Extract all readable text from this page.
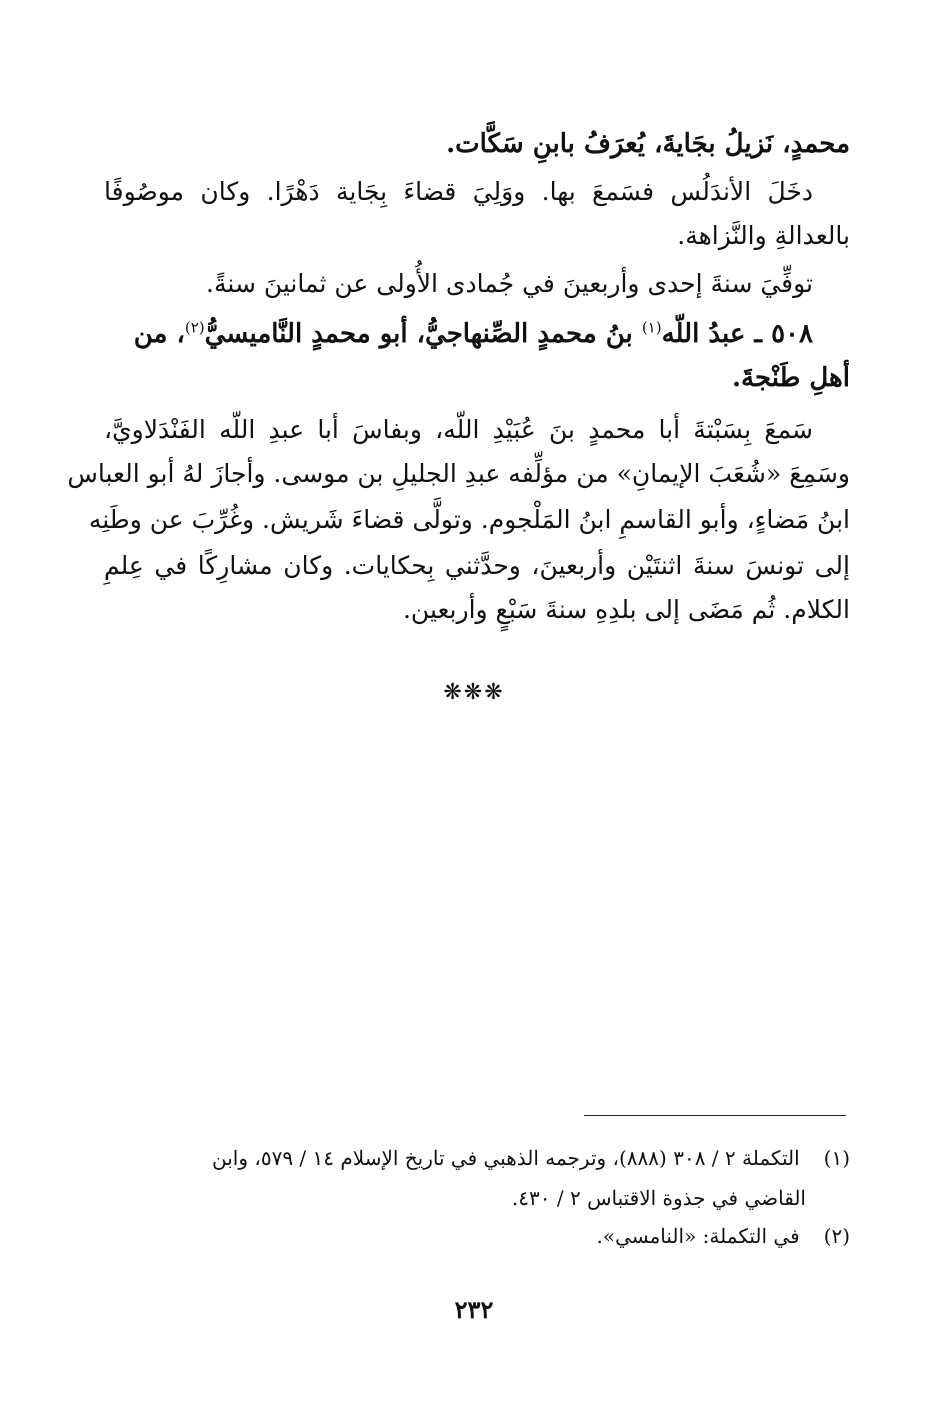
محمدٍ، نَزيلُ بجَايةَ، يُعرَفُ بابنِ سَكَّات.
دخَلَ الأندَلُس فسَمعَ بها. ووَلِيَ قضاءَ بِجَاية دَهْرًا. وكان موصُوفًا
بالعدالةِ والنَّزاهة.
توفِّيَ سنةَ إحدى وأربعينَ في جُمادى الأُولى عن ثمانينَ سنةً.
٥٠٨ ـ عبدُ اللّه$^{(١)}$ بنُ محمدٍ الصِّنهاجيُّ، أبو محمدٍ النَّاميسيُّ$^{(٢)}$، من
أهلِ طَنْجةَ.
سَمعَ بِسَبْتةَ أبا محمدٍ بنَ عُبَيْدِ اللّه، وبفاسَ أبا عبدِ اللّه الفَنْدَلاويَّ،
وسَمِعَ «شُعَبَ الإيمانِ» من مؤلِّفه عبدِ الجليلِ بن موسى. وأجازَ لهُ أبو العباس
ابنُ مَضاءٍ، وأبو القاسمِ ابنُ المَلْجوم. وتولَّى قضاءَ شَريش. وغُرِّبَ عن وطَنِه
إلى تونسَ سنةَ اثنتَيْن وأربعينَ، وحدَّثني بِحكايات. وكان مشارِكًا في عِلمِ
الكلام. ثُم مَضَى إلى بلدِهِ سنةَ سَبْعٍ وأربعين.
❋❋❋
(١) التكملة ٢ / ٣٠٨ (٨٨٨)، وترجمه الذهبي في تاريخ الإسلام ١٤ / ٥٧٩، وابن
القاضي في جذوة الاقتباس ٢ / ٤٣٠.
(٢) في التكملة: «النامسي».
٢٣٢
